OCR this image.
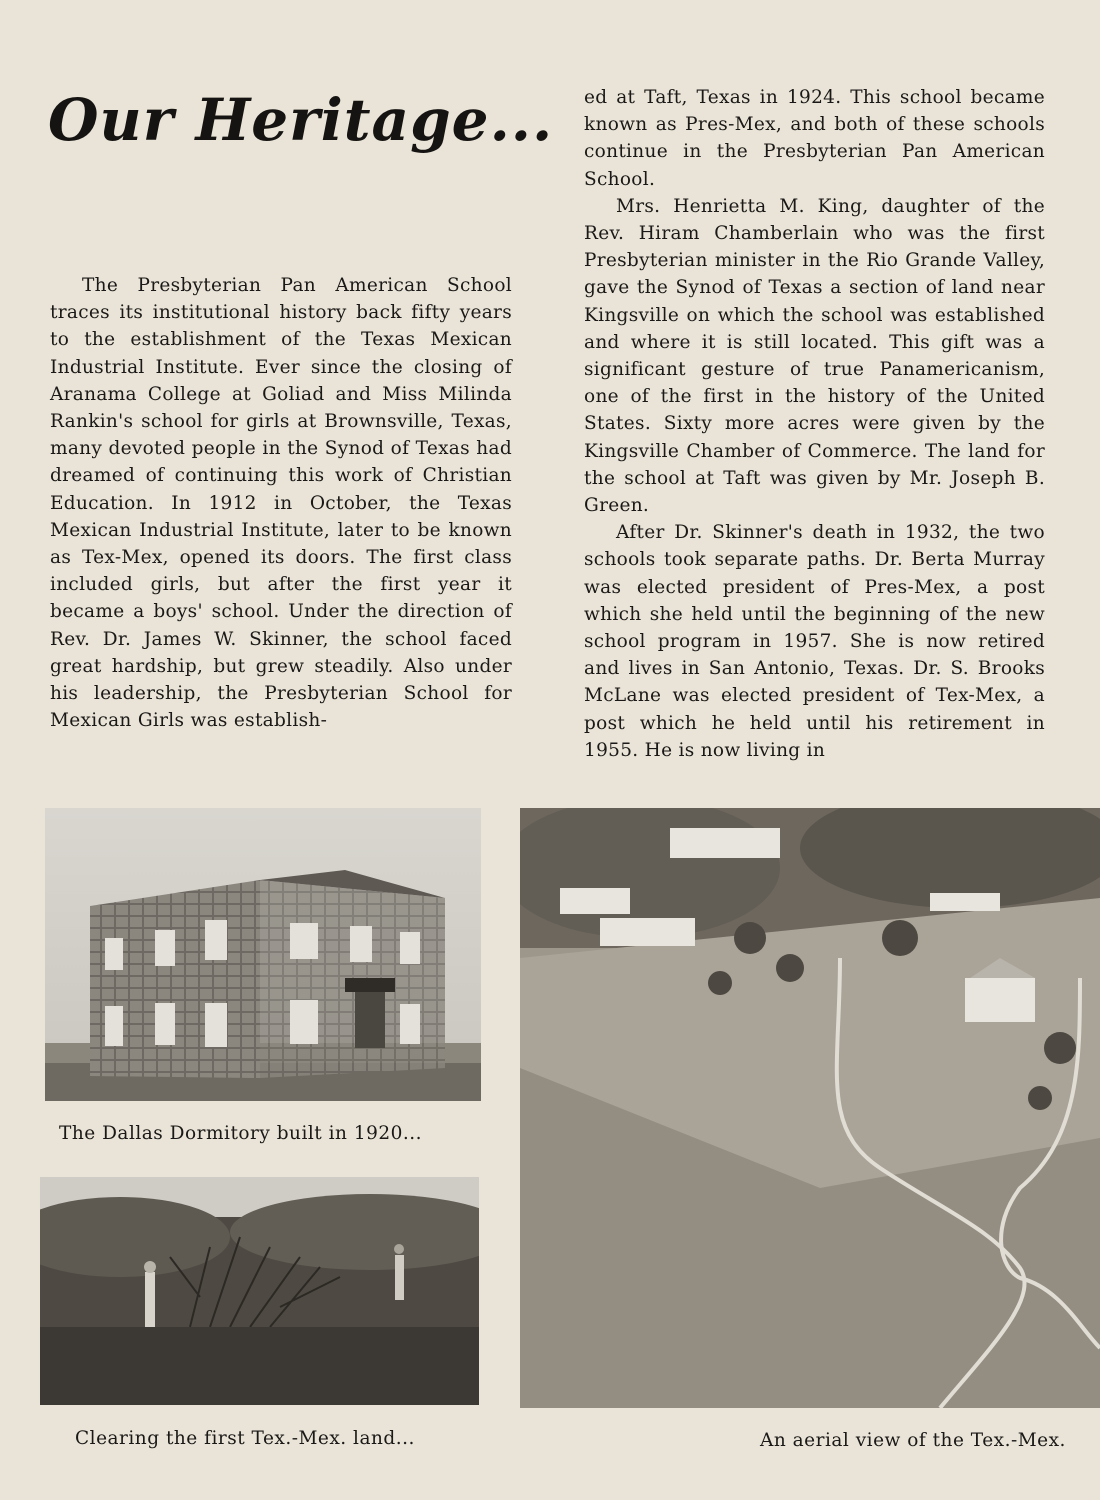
Our Heritage...

The Presbyterian Pan American School traces its institutional history back fifty years to the establishment of the Texas Mexican Industrial Institute. Ever since the closing of Aranama College at Goliad and Miss Milinda Rankin's school for girls at Brownsville, Texas, many devoted people in the Synod of Texas had dreamed of continuing this work of Christian Education. In 1912 in October, the Texas Mexican Industrial Institute, later to be known as Tex-Mex, opened its doors. The first class included girls, but after the first year it became a boys' school. Under the direction of Rev. Dr. James W. Skinner, the school faced great hardship, but grew steadily. Also under his leadership, the Presbyterian School for Mexican Girls was establish-

ed at Taft, Texas in 1924. This school became known as Pres-Mex, and both of these schools continue in the Presbyterian Pan American School.

Mrs. Henrietta M. King, daughter of the Rev. Hiram Chamberlain who was the first Presbyterian minister in the Rio Grande Valley, gave the Synod of Texas a section of land near Kingsville on which the school was established and where it is still located. This gift was a significant gesture of true Panamericanism, one of the first in the history of the United States. Sixty more acres were given by the Kingsville Chamber of Commerce. The land for the school at Taft was given by Mr. Joseph B. Green.

After Dr. Skinner's death in 1932, the two schools took separate paths. Dr. Berta Murray was elected president of Pres-Mex, a post which she held until the beginning of the new school program in 1957. She is now retired and lives in San Antonio, Texas. Dr. S. Brooks McLane was elected president of Tex-Mex, a post which he held until his retirement in 1955. He is now living in

The Dallas Dormitory built in 1920...
Clearing the first Tex.-Mex. land...	An aerial view of the Tex.-Mex.
